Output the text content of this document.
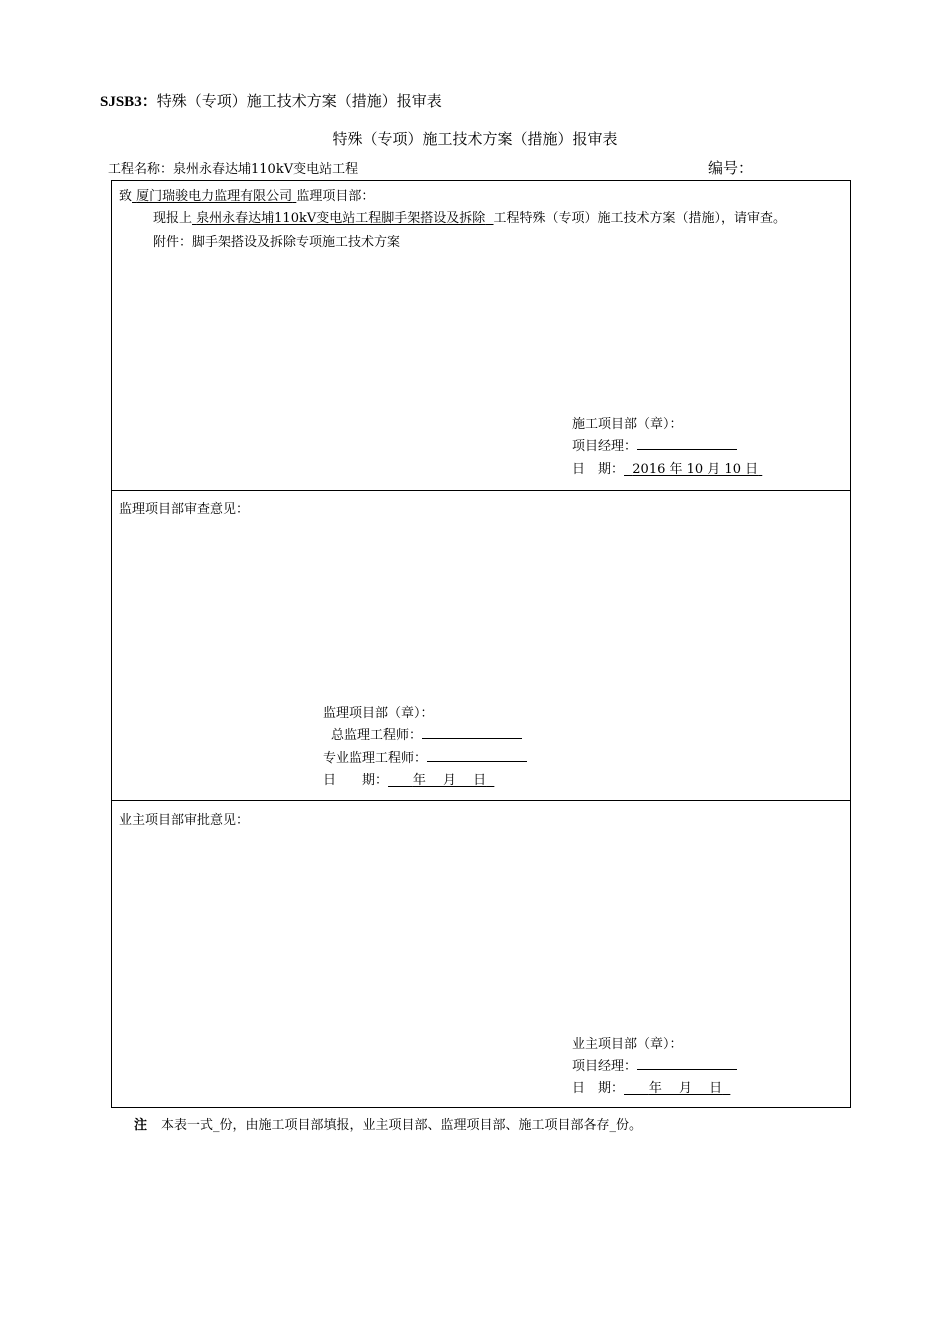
SJSB3：特殊（专项）施工技术方案（措施）报审表
特殊（专项）施工技术方案（措施）报审表
工程名称：泉州永春达埔110kV变电站工程	编号：
致 厦门瑞骏电力监理有限公司 监理项目部：
现报上 泉州永春达埔110kV变电站工程脚手架搭设及拆除 工程特殊（专项）施工技术方案（措施），请审查。
附件：脚手架搭设及拆除专项施工技术方案
施工项目部（章）：
项目经理：
日　期： 2016 年 10 月 10 日
监理项目部审查意见：
监理项目部（章）：
总监理工程师：
专业监理工程师：
日　　期： 年　 月　 日
业主项目部审批意见：
业主项目部（章）：
项目经理：
日　期： 年　 月　 日
注 本表一式_份，由施工项目部填报，业主项目部、监理项目部、施工项目部各存_份。
